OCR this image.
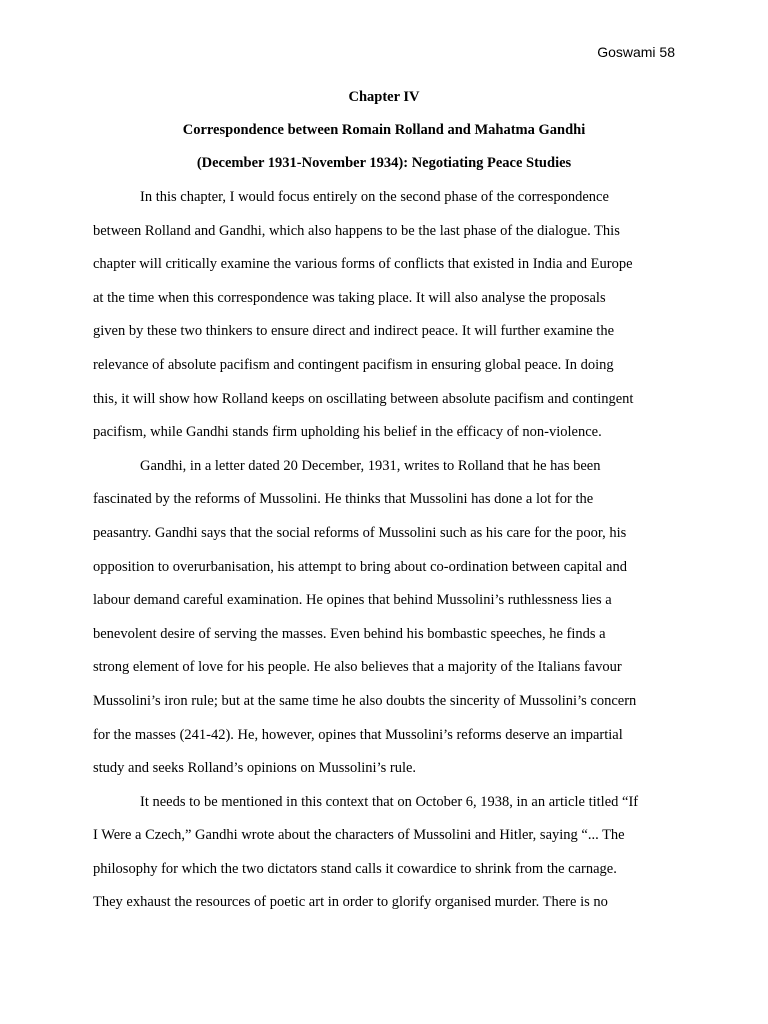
Goswami 58
Chapter IV
Correspondence between Romain Rolland and Mahatma Gandhi
(December 1931-November 1934): Negotiating Peace Studies
In this chapter, I would focus entirely on the second phase of the correspondence
between Rolland and Gandhi, which also happens to be the last phase of the dialogue. This
chapter will critically examine the various forms of conflicts that existed in India and Europe
at the time when this correspondence was taking place. It will also analyse the proposals
given by these two thinkers to ensure direct and indirect peace. It will further examine the
relevance of absolute pacifism and contingent pacifism in ensuring global peace. In doing
this, it will show how Rolland keeps on oscillating between absolute pacifism and contingent
pacifism, while Gandhi stands firm upholding his belief in the efficacy of non-violence.
Gandhi, in a letter dated 20 December, 1931, writes to Rolland that he has been
fascinated by the reforms of Mussolini. He thinks that Mussolini has done a lot for the
peasantry. Gandhi says that the social reforms of Mussolini such as his care for the poor, his
opposition to overurbanisation, his attempt to bring about co-ordination between capital and
labour demand careful examination. He opines that behind Mussolini’s ruthlessness lies a
benevolent desire of serving the masses. Even behind his bombastic speeches, he finds a
strong element of love for his people. He also believes that a majority of the Italians favour
Mussolini’s iron rule; but at the same time he also doubts the sincerity of Mussolini’s concern
for the masses (241-42). He, however, opines that Mussolini’s reforms deserve an impartial
study and seeks Rolland’s opinions on Mussolini’s rule.
It needs to be mentioned in this context that on October 6, 1938, in an article titled “If
I Were a Czech,” Gandhi wrote about the characters of Mussolini and Hitler, saying “... The
philosophy for which the two dictators stand calls it cowardice to shrink from the carnage.
They exhaust the resources of poetic art in order to glorify organised murder. There is no
